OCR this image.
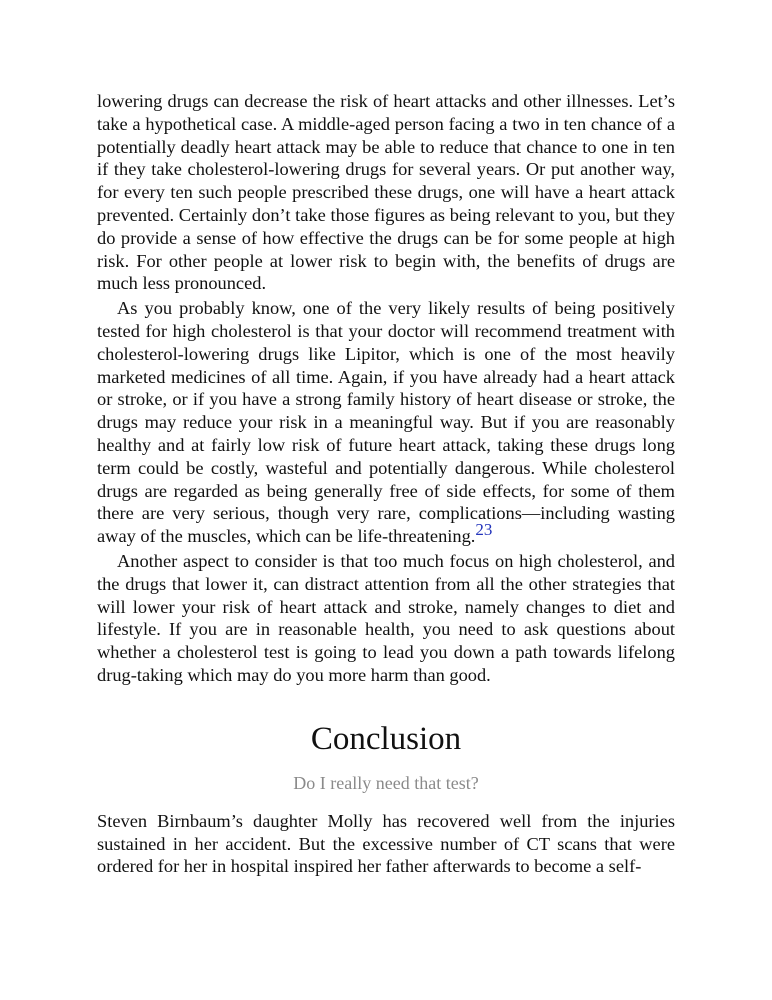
lowering drugs can decrease the risk of heart attacks and other illnesses. Let’s take a hypothetical case. A middle-aged person facing a two in ten chance of a potentially deadly heart attack may be able to reduce that chance to one in ten if they take cholesterol-lowering drugs for several years. Or put another way, for every ten such people prescribed these drugs, one will have a heart attack prevented. Certainly don’t take those figures as being relevant to you, but they do provide a sense of how effective the drugs can be for some people at high risk. For other people at lower risk to begin with, the benefits of drugs are much less pronounced.

As you probably know, one of the very likely results of being positively tested for high cholesterol is that your doctor will recommend treatment with cholesterol-lowering drugs like Lipitor, which is one of the most heavily marketed medicines of all time. Again, if you have already had a heart attack or stroke, or if you have a strong family history of heart disease or stroke, the drugs may reduce your risk in a meaningful way. But if you are reasonably healthy and at fairly low risk of future heart attack, taking these drugs long term could be costly, wasteful and potentially dangerous. While cholesterol drugs are regarded as being generally free of side effects, for some of them there are very serious, though very rare, complications—including wasting away of the muscles, which can be life-threatening.23

Another aspect to consider is that too much focus on high cholesterol, and the drugs that lower it, can distract attention from all the other strategies that will lower your risk of heart attack and stroke, namely changes to diet and lifestyle. If you are in reasonable health, you need to ask questions about whether a cholesterol test is going to lead you down a path towards lifelong drug-taking which may do you more harm than good.

Conclusion
Do I really need that test?

Steven Birnbaum’s daughter Molly has recovered well from the injuries sustained in her accident. But the excessive number of CT scans that were ordered for her in hospital inspired her father afterwards to become a self-
